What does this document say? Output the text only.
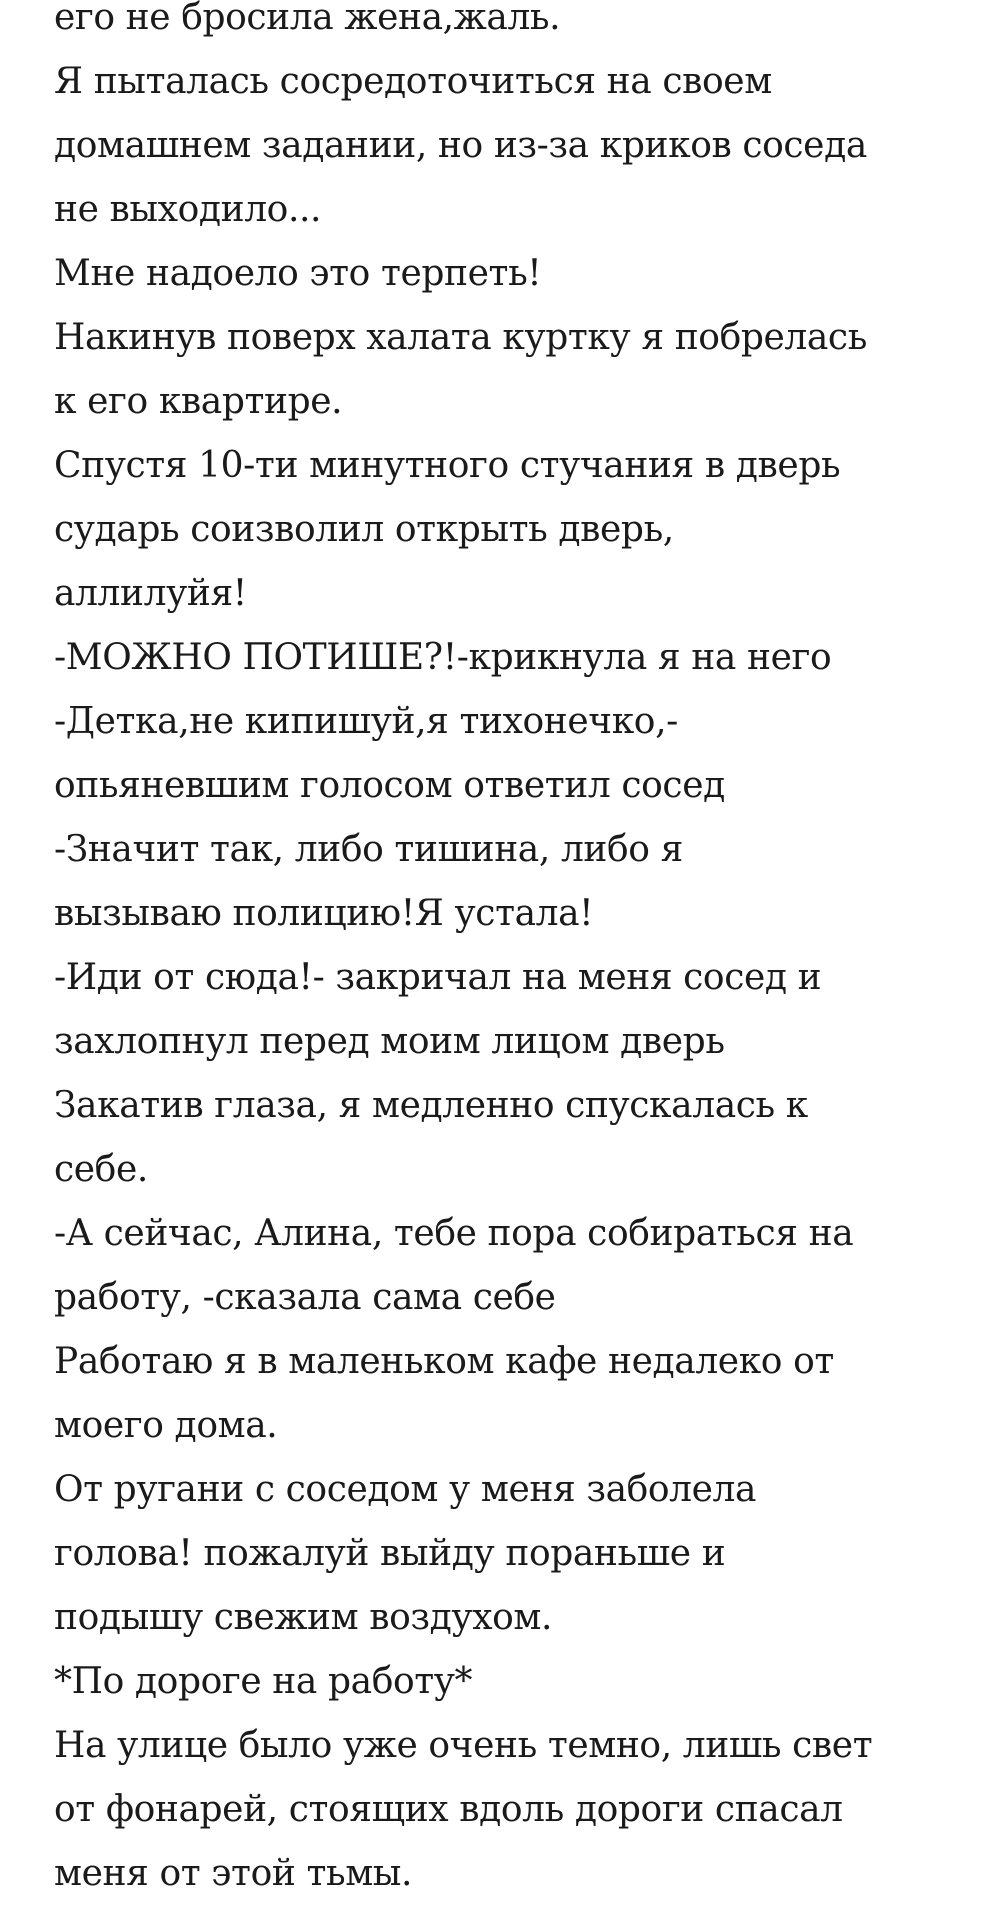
его не бросила жена,жаль.
Я пыталась сосредоточиться на своем
домашнем задании, но из-за криков соседа
не выходило...
Мне надоело это терпеть!
Накинув поверх халата куртку я побрелась
к его квартире.
Спустя 10-ти минутного стучания в дверь
сударь соизволил открыть дверь,
аллилуйя!
-МОЖНО ПОТИШЕ?!-крикнула я на него
-Детка,не кипишуй,я тихонечко,-
опьяневшим голосом ответил сосед
-Значит так, либо тишина, либо я
вызываю полицию!Я устала!
-Иди от сюда!- закричал на меня сосед и
захлопнул перед моим лицом дверь
Закатив глаза, я медленно спускалась к
себе.
-А сейчас, Алина, тебе пора собираться на
работу, -сказала сама себе
Работаю я в маленьком кафе недалеко от
моего дома.
От ругани с соседом у меня заболела
голова! пожалуй выйду пораньше и
подышу свежим воздухом.
*По дороге на работу*
На улице было уже очень темно, лишь свет
от фонарей, стоящих вдоль дороги спасал
меня от этой тьмы.
